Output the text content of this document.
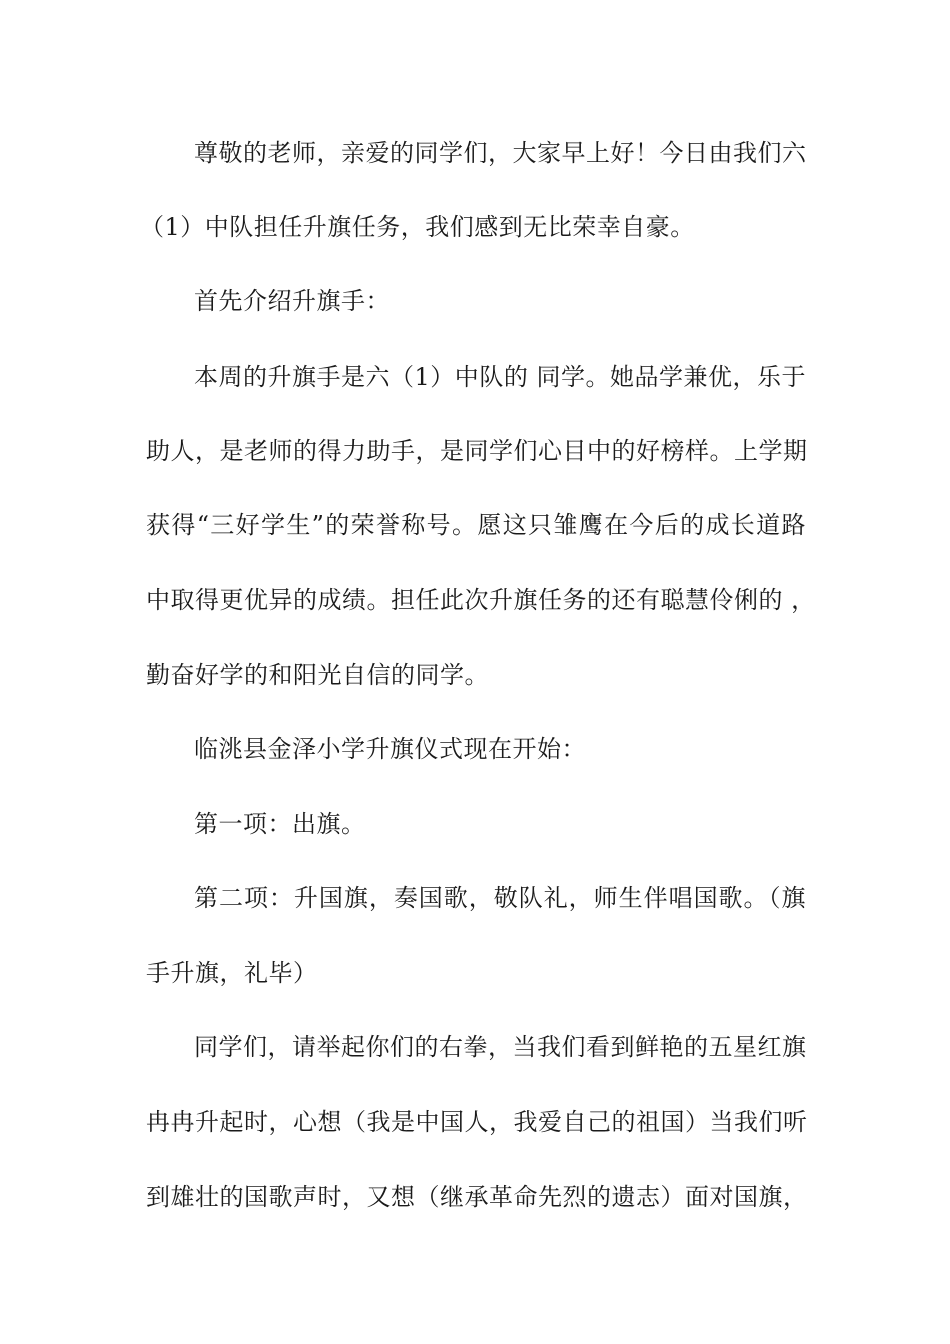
尊敬的老师，亲爱的同学们，大家早上好！今日由我们六
（1）中队担任升旗任务，我们感到无比荣幸自豪。
首先介绍升旗手：
本周的升旗手是六（1）中队的 同学。她品学兼优，乐于
助人，是老师的得力助手，是同学们心目中的好榜样。上学期
获得“三好学生”的荣誉称号。愿这只雏鹰在今后的成长道路
中取得更优异的成绩。担任此次升旗任务的还有聪慧伶俐的 ，
勤奋好学的和阳光自信的同学。
临洮县金泽小学升旗仪式现在开始：
第一项：出旗。
第二项：升国旗，奏国歌，敬队礼，师生伴唱国歌。（旗
手升旗，礼毕）
同学们，请举起你们的右拳，当我们看到鲜艳的五星红旗
冉冉升起时，心想（我是中国人，我爱自己的祖国）当我们听
到雄壮的国歌声时，又想（继承革命先烈的遗志）面对国旗，
